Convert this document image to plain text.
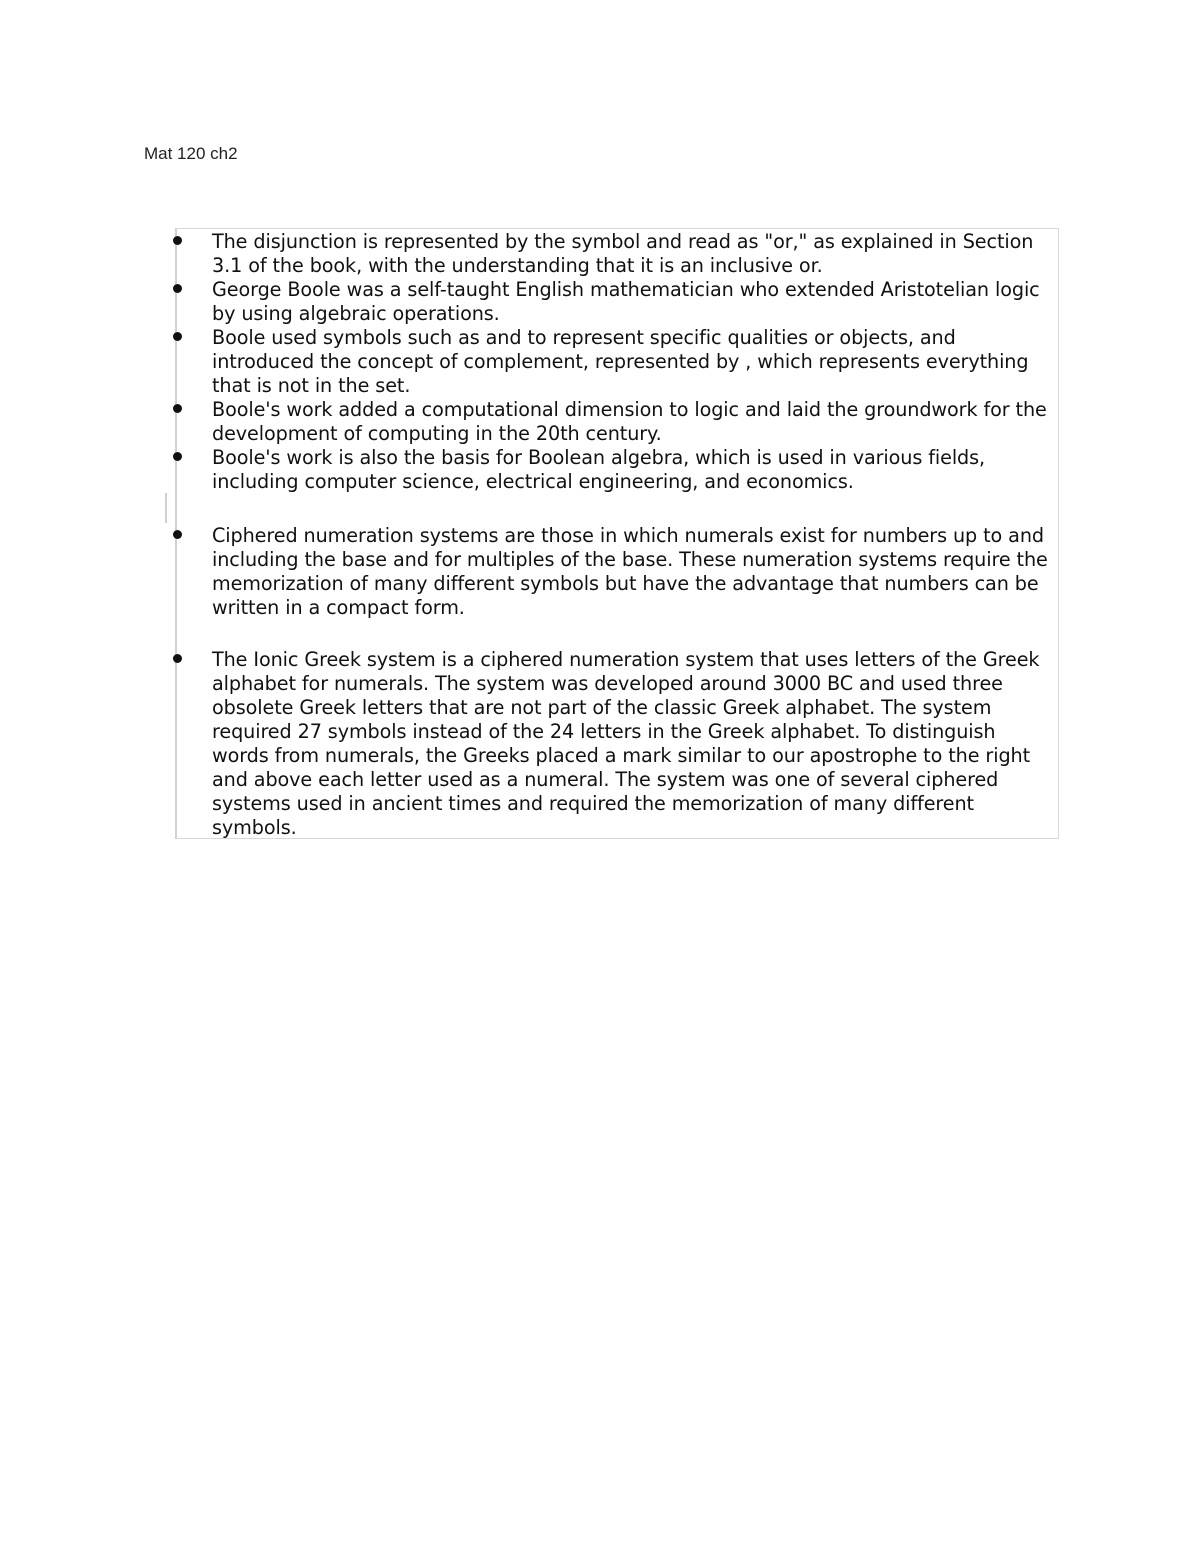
Mat 120 ch2
The disjunction is represented by the symbol and read as "or," as explained in Section 3.1 of the book, with the understanding that it is an inclusive or.
George Boole was a self-taught English mathematician who extended Aristotelian logic by using algebraic operations.
Boole used symbols such as and to represent specific qualities or objects, and introduced the concept of complement, represented by , which represents everything that is not in the set.
Boole's work added a computational dimension to logic and laid the groundwork for the development of computing in the 20th century.
Boole's work is also the basis for Boolean algebra, which is used in various fields, including computer science, electrical engineering, and economics.
Ciphered numeration systems are those in which numerals exist for numbers up to and including the base and for multiples of the base. These numeration systems require the memorization of many different symbols but have the advantage that numbers can be written in a compact form.
The Ionic Greek system is a ciphered numeration system that uses letters of the Greek alphabet for numerals. The system was developed around 3000 BC and used three obsolete Greek letters that are not part of the classic Greek alphabet. The system required 27 symbols instead of the 24 letters in the Greek alphabet. To distinguish words from numerals, the Greeks placed a mark similar to our apostrophe to the right and above each letter used as a numeral. The system was one of several ciphered systems used in ancient times and required the memorization of many different symbols.
